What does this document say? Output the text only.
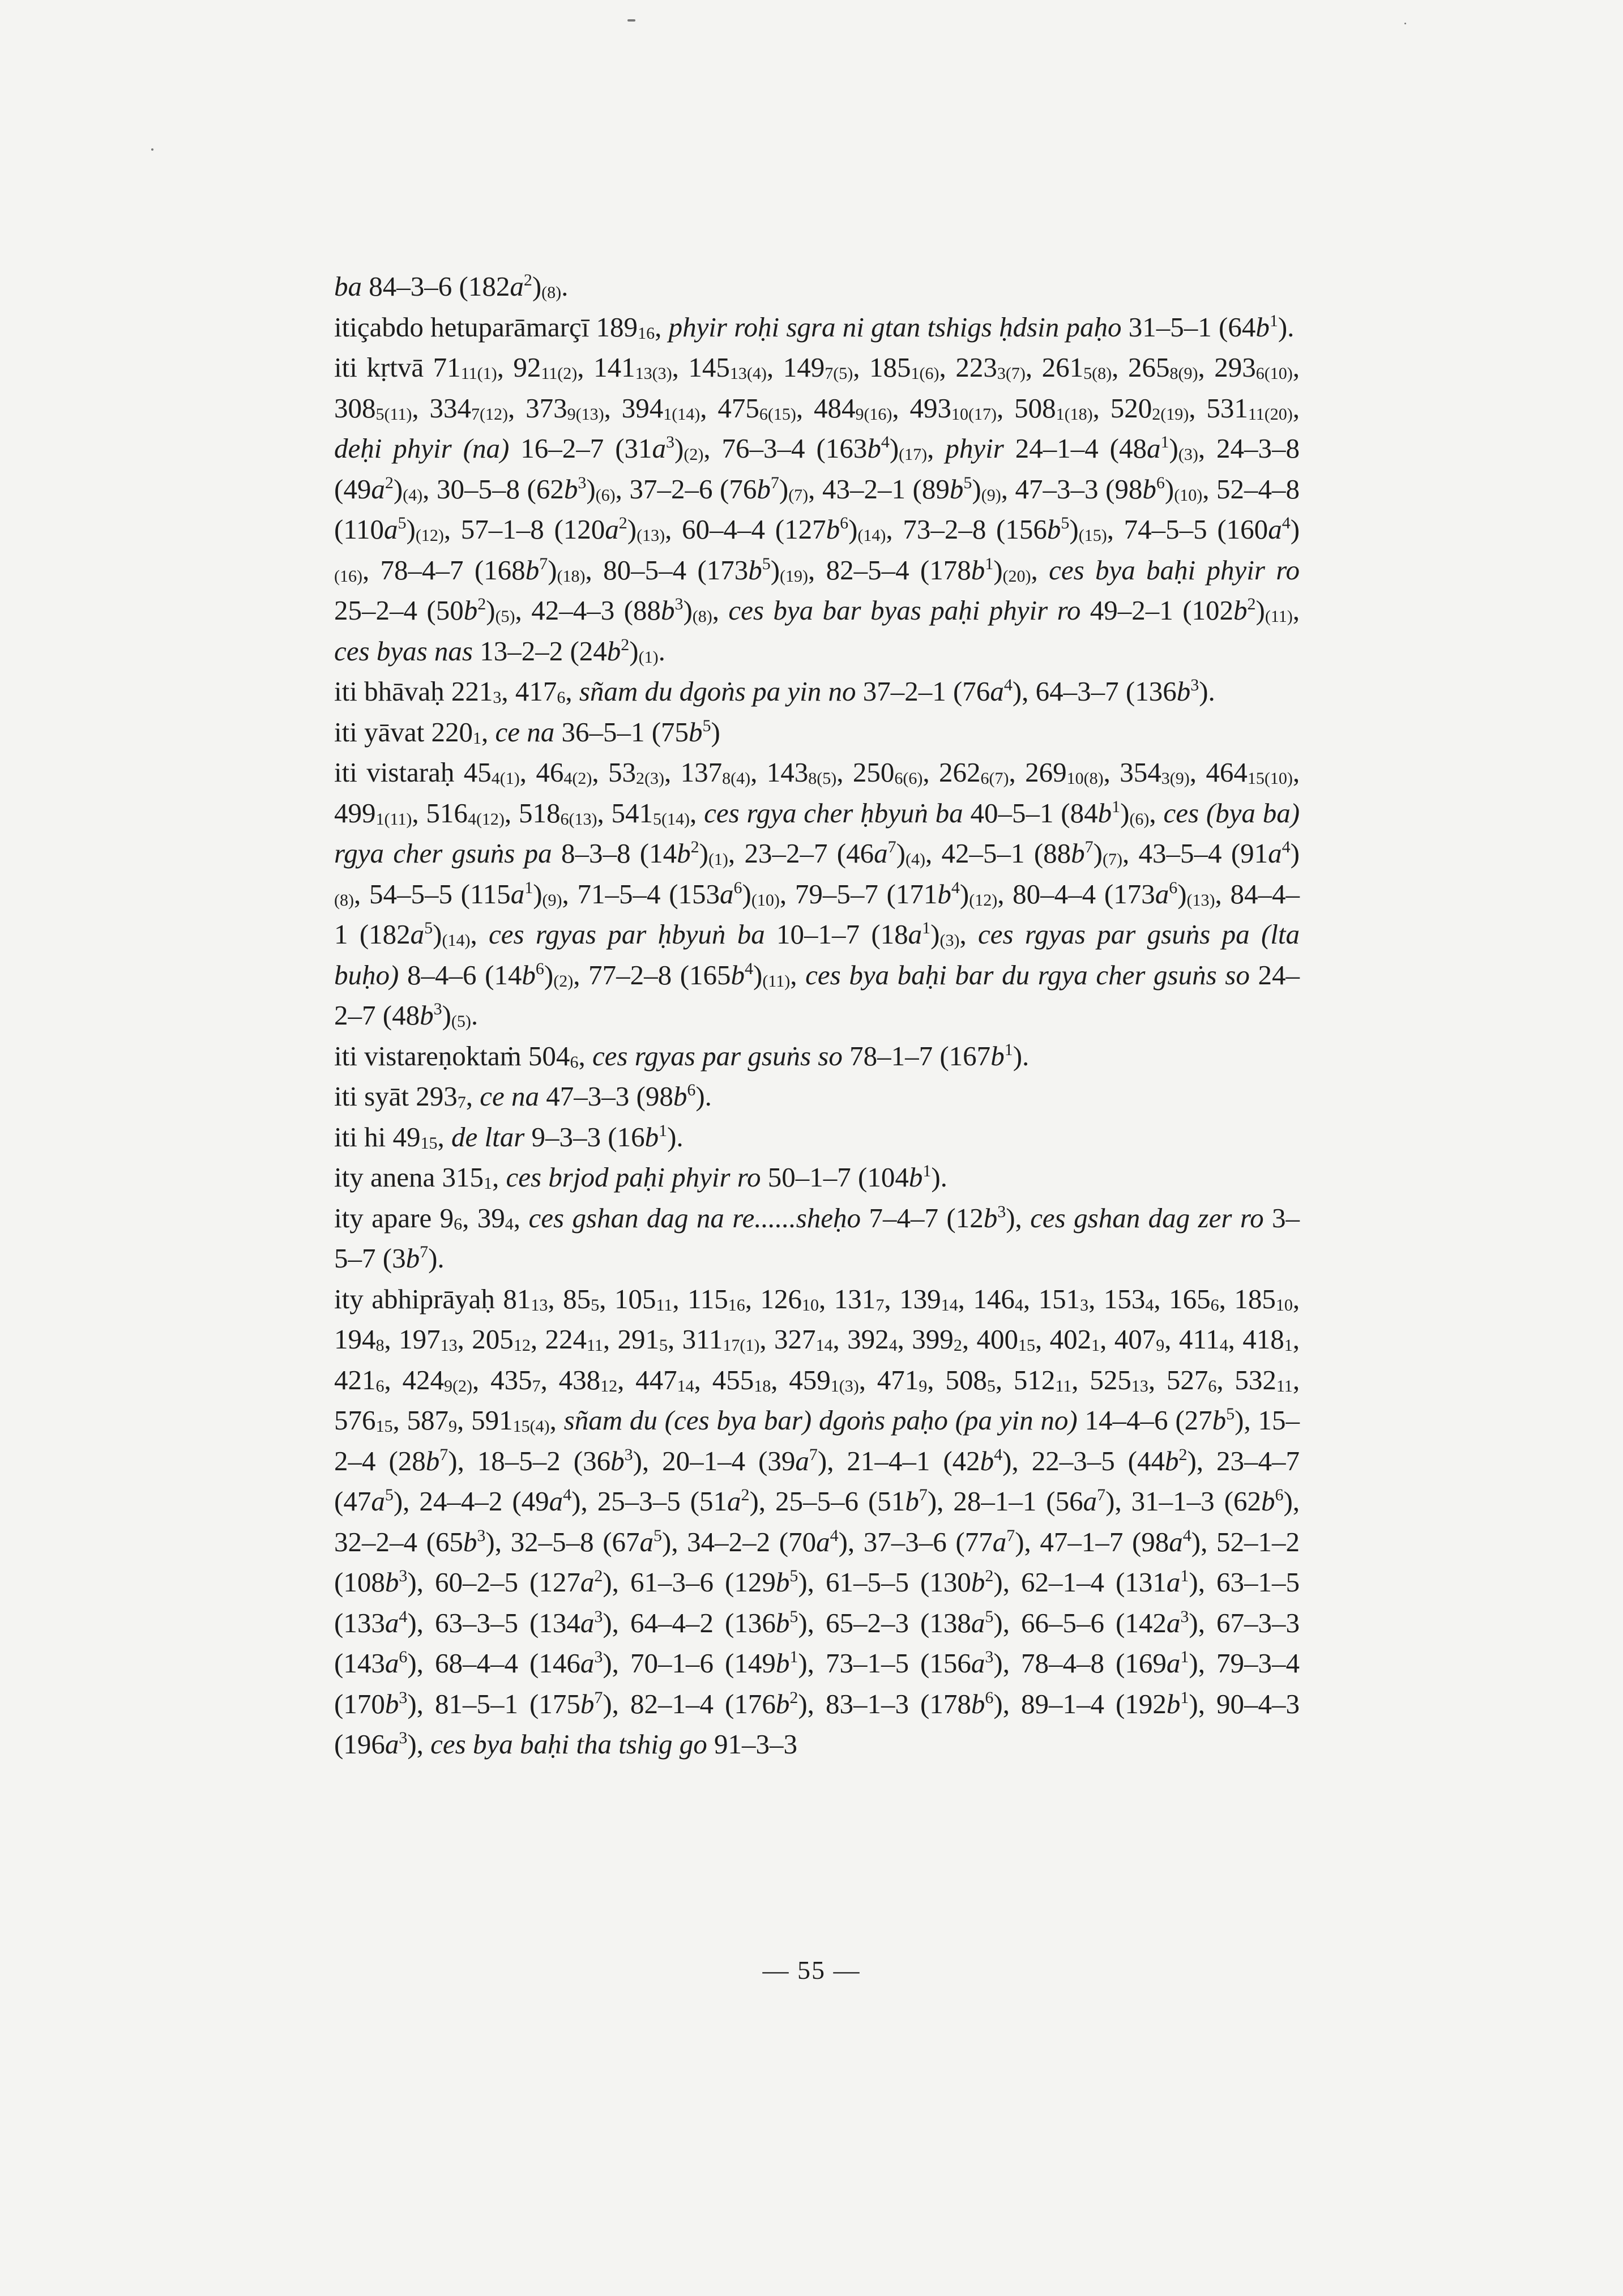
ba 84–3–6 $(182a^2)_{(8)}$.

itiçabdo hetuparāmarçī $189_{16}$, phyir roḥi sgra ni gtan tshigs ḥdsin paḥo 31–5–1 $(64b^1)$.

iti kṛtvā $71_{11(1)}$, $92_{11(2)}$, $141_{13(3)}$, $145_{13(4)}$, $149_{7(5)}$, $185_{1(6)}$, $223_{3(7)}$, $261_{5(8)}$, $265_{8(9)}$, $293_{6(10)}$, $308_{5(11)}$, $334_{7(12)}$, $373_{9(13)}$, $394_{1(14)}$, $475_{6(15)}$, $484_{9(16)}$, $493_{10(17)}$, $508_{1(18)}$, $520_{2(19)}$, $531_{11(20)}$, deḥi phyir (na) 16–2–7 $(31a^3)_{(2)}$, 76–3–4 $(163b^4)_{(17)}$, phyir 24–1–4 $(48a^1)_{(3)}$, 24–3–8 $(49a^2)_{(4)}$, 30–5–8 $(62b^3)_{(6)}$, 37–2–6 $(76b^7)_{(7)}$, 43–2–1 $(89b^5)_{(9)}$, 47–3–3 $(98b^6)_{(10)}$, 52–4–8 $(110a^5)_{(12)}$, 57–1–8 $(120a^2)_{(13)}$, 60–4–4 $(127b^6)_{(14)}$, 73–2–8 $(156b^5)_{(15)}$, 74–5–5 $(160a^4)_{(16)}$, 78–4–7 $(168b^7)_{(18)}$, 80–5–4 $(173b^5)_{(19)}$, 82–5–4 $(178b^1)_{(20)}$, ces bya baḥi phyir ro 25–2–4 $(50b^2)_{(5)}$, 42–4–3 $(88b^3)_{(8)}$, ces bya bar byas paḥi phyir ro 49–2–1 $(102b^2)_{(11)}$, ces byas nas 13–2–2 $(24b^2)_{(1)}$.

iti bhāvaḥ $221_3$, $417_6$, sñam du dgoṅs pa yin no 37–2–1 $(76a^4)$, 64–3–7 $(136b^3)$.

iti yāvat $220_1$, ce na 36–5–1 $(75b^5)$

iti vistaraḥ $45_{4(1)}$, $46_{4(2)}$, $53_{2(3)}$, $137_{8(4)}$, $143_{8(5)}$, $250_{6(6)}$, $262_{6(7)}$, $269_{10(8)}$, $354_{3(9)}$, $464_{15(10)}$, $499_{1(11)}$, $516_{4(12)}$, $518_{6(13)}$, $541_{5(14)}$, ces rgya cher ḥbyuṅ ba 40–5–1 $(84b^1)_{(6)}$, ces (bya ba) rgya cher gsuṅs pa 8–3–8 $(14b^2)_{(1)}$, 23–2–7 $(46a^7)_{(4)}$, 42–5–1 $(88b^7)_{(7)}$, 43–5–4 $(91a^4)_{(8)}$, 54–5–5 $(115a^1)_{(9)}$, 71–5–4 $(153a^6)_{(10)}$, 79–5–7 $(171b^4)_{(12)}$, 80–4–4 $(173a^6)_{(13)}$, 84–4–1 $(182a^5)_{(14)}$, ces rgyas par ḥbyuṅ ba 10–1–7 $(18a^1)_{(3)}$, ces rgyas par gsuṅs pa (lta buḥo) 8–4–6 $(14b^6)_{(2)}$, 77–2–8 $(165b^4)_{(11)}$, ces bya baḥi bar du rgya cher gsuṅs so 24–2–7 $(48b^3)_{(5)}$.

iti vistareṇoktaṁ $504_6$, ces rgyas par gsuṅs so 78–1–7 $(167b^1)$.

iti syāt $293_7$, ce na 47–3–3 $(98b^6)$.

iti hi $49_{15}$, de ltar 9–3–3 $(16b^1)$.

ity anena $315_1$, ces brjod paḥi phyir ro 50–1–7 $(104b^1)$.

ity apare $9_6$, $39_4$, ces gshan dag na re......sheḥo 7–4–7 $(12b^3)$, ces gshan dag zer ro 3–5–7 $(3b^7)$.

ity abhiprāyaḥ $81_{13}$, $85_5$, $105_{11}$, $115_{16}$, $126_{10}$, $131_7$, $139_{14}$, $146_4$, $151_3$, $153_4$, $165_6$, $185_{10}$, $194_8$, $197_{13}$, $205_{12}$, $224_{11}$, $291_5$, $311_{17(1)}$, $327_{14}$, $392_4$, $399_2$, $400_{15}$, $402_1$, $407_9$, $411_4$, $418_1$, $421_6$, $424_{9(2)}$, $435_7$, $438_{12}$, $447_{14}$, $455_{18}$, $459_{1(3)}$, $471_9$, $508_5$, $512_{11}$, $525_{13}$, $527_6$, $532_{11}$, $576_{15}$, $587_9$, $591_{15(4)}$, sñam du (ces bya bar) dgoṅs paḥo (pa yin no) 14–4–6 $(27b^5)$, 15–2–4 $(28b^7)$, 18–5–2 $(36b^3)$, 20–1–4 $(39a^7)$, 21–4–1 $(42b^4)$, 22–3–5 $(44b^2)$, 23–4–7 $(47a^5)$, 24–4–2 $(49a^4)$, 25–3–5 $(51a^2)$, 25–5–6 $(51b^7)$, 28–1–1 $(56a^7)$, 31–1–3 $(62b^6)$, 32–2–4 $(65b^3)$, 32–5–8 $(67a^5)$, 34–2–2 $(70a^4)$, 37–3–6 $(77a^7)$, 47–1–7 $(98a^4)$, 52–1–2 $(108b^3)$, 60–2–5 $(127a^2)$, 61–3–6 $(129b^5)$, 61–5–5 $(130b^2)$, 62–1–4 $(131a^1)$, 63–1–5 $(133a^4)$, 63–3–5 $(134a^3)$, 64–4–2 $(136b^5)$, 65–2–3 $(138a^5)$, 66–5–6 $(142a^3)$, 67–3–3 $(143a^6)$, 68–4–4 $(146a^3)$, 70–1–6 $(149b^1)$, 73–1–5 $(156a^3)$, 78–4–8 $(169a^1)$, 79–3–4 $(170b^3)$, 81–5–1 $(175b^7)$, 82–1–4 $(176b^2)$, 83–1–3 $(178b^6)$, 89–1–4 $(192b^1)$, 90–4–3 $(196a^3)$, ces bya baḥi tha tshig go 91–3–3

— 55 —
